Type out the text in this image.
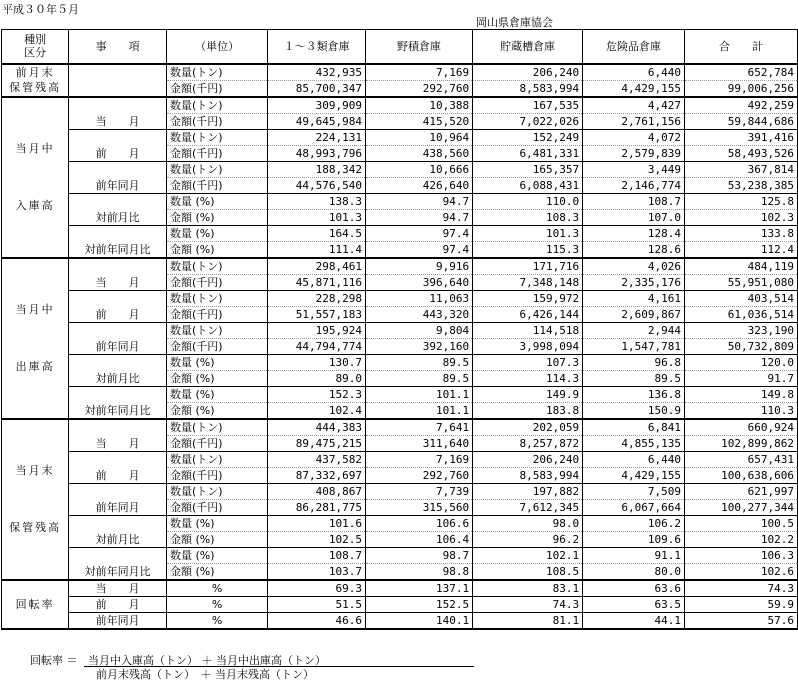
平成３０年５月
岡山県倉庫協会
種別
区分	事　　項	（単位）	１～３類倉庫	野積倉庫	貯蔵槽倉庫	危険品倉庫	合　　計

前月末
保管残高		数量(トン)	432,935	7,169	206,240	6,440	652,784
		金額(千円)	85,700,347	292,760	8,583,994	4,429,155	99,006,256

当月中
入庫高	当　　月	数量(トン)	309,909	10,388	167,535	4,427	492,259
		金額(千円)	49,645,984	415,520	7,022,026	2,761,156	59,844,686
	前　　月	数量(トン)	224,131	10,964	152,249	4,072	391,416
		金額(千円)	48,993,796	438,560	6,481,331	2,579,839	58,493,526
	前年同月	数量(トン)	188,342	10,666	165,357	3,449	367,814
		金額(千円)	44,576,540	426,640	6,088,431	2,146,774	53,238,385
	対前月比	数量 (%)	138.3	94.7	110.0	108.7	125.8
		金額 (%)	101.3	94.7	108.3	107.0	102.3
	対前年同月比	数量 (%)	164.5	97.4	101.3	128.4	133.8
		金額 (%)	111.4	97.4	115.3	128.6	112.4

当月中
出庫高	当　　月	数量(トン)	298,461	9,916	171,716	4,026	484,119
		金額(千円)	45,871,116	396,640	7,348,148	2,335,176	55,951,080
	前　　月	数量(トン)	228,298	11,063	159,972	4,161	403,514
		金額(千円)	51,557,183	443,320	6,426,144	2,609,867	61,036,514
	前年同月	数量(トン)	195,924	9,804	114,518	2,944	323,190
		金額(千円)	44,794,774	392,160	3,998,094	1,547,781	50,732,809
	対前月比	数量 (%)	130.7	89.5	107.3	96.8	120.0
		金額 (%)	89.0	89.5	114.3	89.5	91.7
	対前年同月比	数量 (%)	152.3	101.1	149.9	136.8	149.8
		金額 (%)	102.4	101.1	183.8	150.9	110.3

当月末
保管残高	当　　月	数量(トン)	444,383	7,641	202,059	6,841	660,924
		金額(千円)	89,475,215	311,640	8,257,872	4,855,135	102,899,862
	前　　月	数量(トン)	437,582	7,169	206,240	6,440	657,431
		金額(千円)	87,332,697	292,760	8,583,994	4,429,155	100,638,606
	前年同月	数量(トン)	408,867	7,739	197,882	7,509	621,997
		金額(千円)	86,281,775	315,560	7,612,345	6,067,664	100,277,344
	対前月比	数量 (%)	101.6	106.6	98.0	106.2	100.5
		金額 (%)	102.5	106.4	96.2	109.6	102.2
	対前年同月比	数量 (%)	108.7	98.7	102.1	91.1	106.3
		金額 (%)	103.7	98.8	108.5	80.0	102.6

回転率	当　　月	%	69.3	137.1	83.1	63.6	74.3
	前　　月	%	51.5	152.5	74.3	63.5	59.9
	前年同月	%	46.6	140.1	81.1	44.1	57.6
回転率 ＝ 当月中入庫高（トン） ＋ 当月中出庫高（トン）
前月末残高（トン）　＋ 当月末残高（トン）
